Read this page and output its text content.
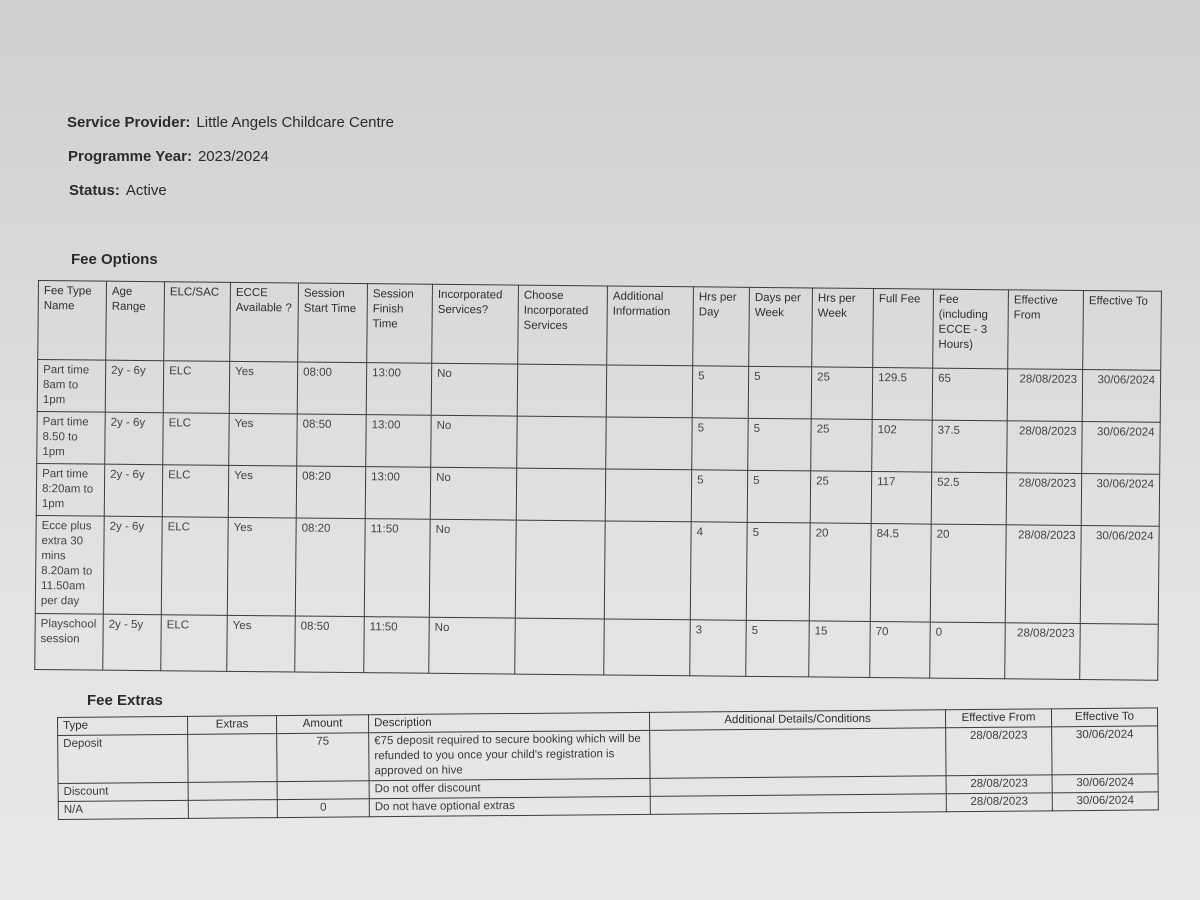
Service Provider: Little Angels Childcare Centre
Programme Year: 2023/2024
Status: Active
Fee Options
Fee Type Name	Age Range	ELC/SAC	ECCE Available ?	Session Start Time	Session Finish Time	Incorporated Services?	Choose Incorporated Services	Additional Information	Hrs per Day	Days per Week	Hrs per Week	Full Fee	Fee (including ECCE - 3 Hours)	Effective From	Effective To
Part time 8am to 1pm	2y - 6y	ELC	Yes	08:00	13:00	No			5	5	25	129.5	65	28/08/2023	30/06/2024
Part time 8.50 to 1pm	2y - 6y	ELC	Yes	08:50	13:00	No			5	5	25	102	37.5	28/08/2023	30/06/2024
Part time 8:20am to 1pm	2y - 6y	ELC	Yes	08:20	13:00	No			5	5	25	117	52.5	28/08/2023	30/06/2024
Ecce plus extra 30 mins 8.20am to 11.50am per day	2y - 6y	ELC	Yes	08:20	11:50	No			4	5	20	84.5	20	28/08/2023	30/06/2024
Playschool session	2y - 5y	ELC	Yes	08:50	11:50	No			3	5	15	70	0	28/08/2023	
Fee Extras
Type	Extras	Amount	Description	Additional Details/Conditions	Effective From	Effective To
Deposit		75	€75 deposit required to secure booking which will be refunded to you once your child's registration is approved on hive		28/08/2023	30/06/2024
Discount			Do not offer discount		28/08/2023	30/06/2024
N/A		0	Do not have optional extras		28/08/2023	30/06/2024
